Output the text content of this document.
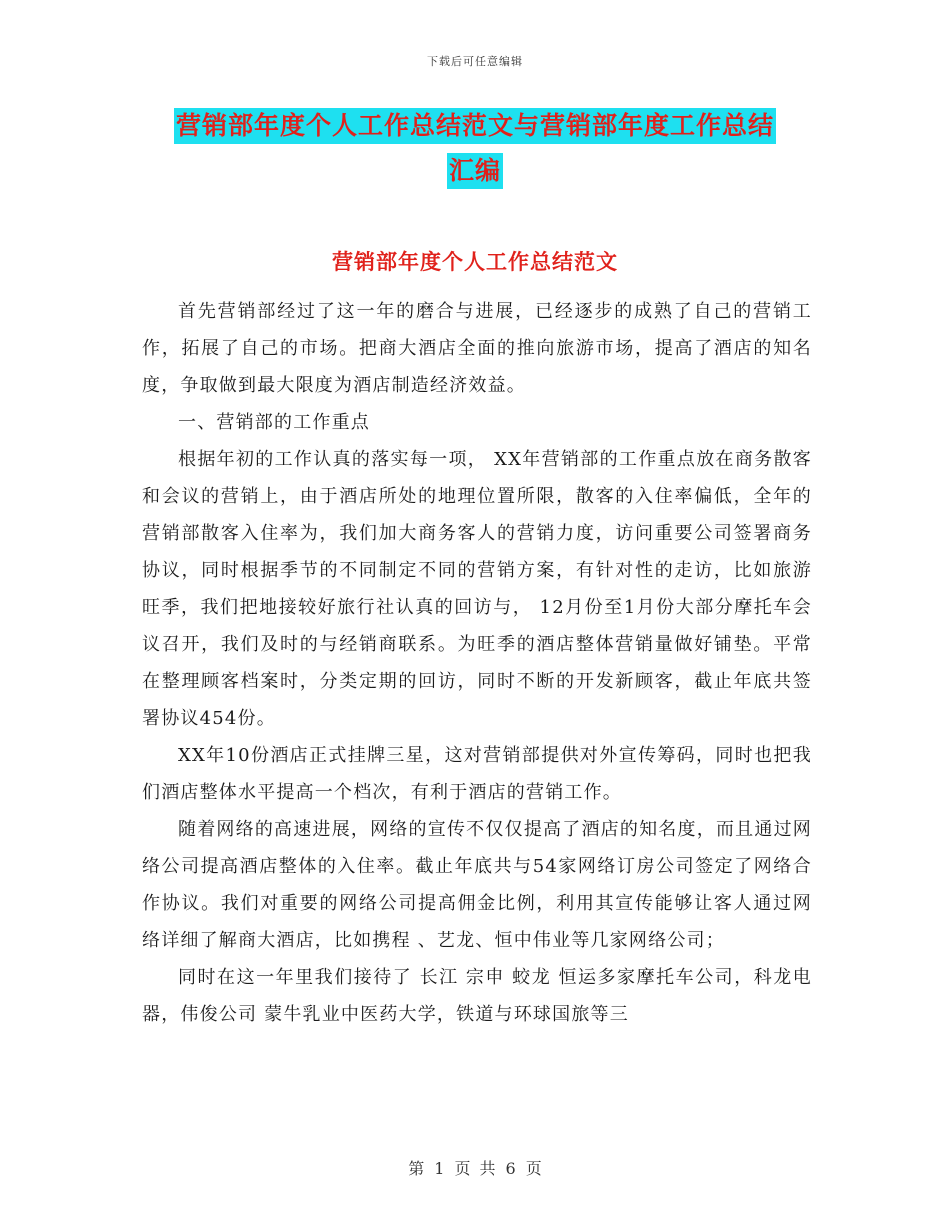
下载后可任意编辑
营销部年度个人工作总结范文与营销部年度工作总结
汇编
营销部年度个人工作总结范文

首先营销部经过了这一年的磨合与进展，已经逐步的成熟了自己的营销工作，拓展了自己的市场。把商大酒店全面的推向旅游市场，提高了酒店的知名度，争取做到最大限度为酒店制造经济效益。

一、营销部的工作重点

根据年初的工作认真的落实每一项， XX年营销部的工作重点放在商务散客和会议的营销上，由于酒店所处的地理位置所限，散客的入住率偏低，全年的营销部散客入住率为，我们加大商务客人的营销力度，访问重要公司签署商务协议，同时根据季节的不同制定不同的营销方案，有针对性的走访，比如旅游旺季，我们把地接较好旅行社认真的回访与， 12月份至1月份大部分摩托车会议召开，我们及时的与经销商联系。为旺季的酒店整体营销量做好铺垫。平常在整理顾客档案时，分类定期的回访，同时不断的开发新顾客，截止年底共签署协议454份。

XX年10份酒店正式挂牌三星，这对营销部提供对外宣传筹码，同时也把我们酒店整体水平提高一个档次，有利于酒店的营销工作。

随着网络的高速进展，网络的宣传不仅仅提高了酒店的知名度，而且通过网络公司提高酒店整体的入住率。截止年底共与54家网络订房公司签定了网络合作协议。我们对重要的网络公司提高佣金比例，利用其宣传能够让客人通过网络详细了解商大酒店，比如携程 、艺龙、恒中伟业等几家网络公司；

同时在这一年里我们接待了 长江 宗申 蛟龙 恒运多家摩托车公司，科龙电器，伟俊公司 蒙牛乳业中医药大学，铁道与环球国旅等三

第 1 页 共 6 页
